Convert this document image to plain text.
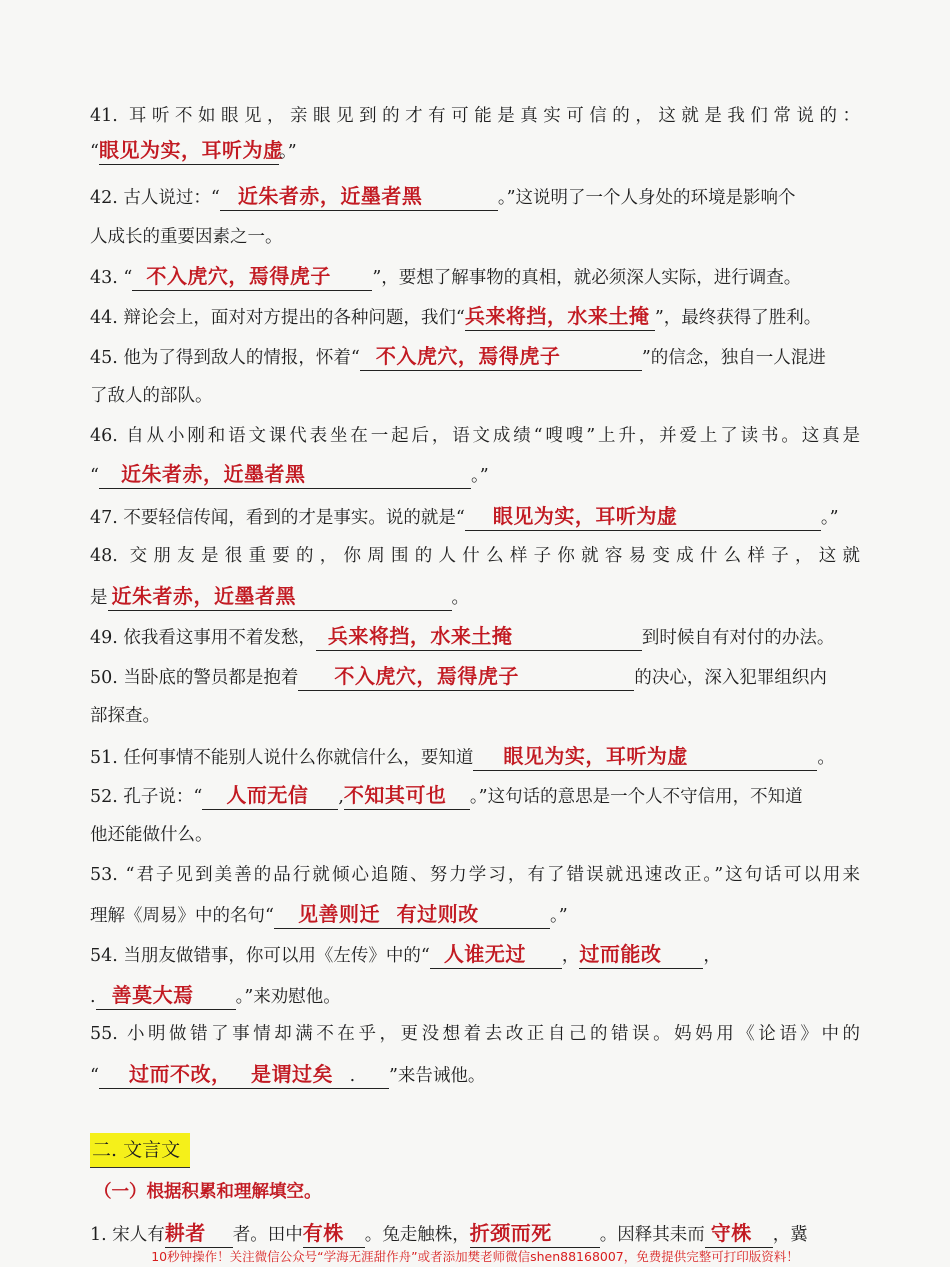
41. 耳听不如眼见，亲眼见到的才有可能是真实可信的，这就是我们常说的：
“眼见为实，耳听为虚。”
42. 古人说过：“ 近朱者赤，近墨者黑	。”这说明了一个人身处的环境是影响个
人成长的重要因素之一。
43. “ 不入虎穴，焉得虎子 ”，要想了解事物的真相，就必须深人实际，进行调查。
44. 辩论会上，面对对方提出的各种问题，我们“兵来将挡，水来土掩 ”，最终获得了胜利。
45. 他为了得到敌人的情报，怀着“ 不入虎穴，焉得虎子	”的信念，独自一人混进
了敌人的部队。
46. 自从小刚和语文课代表坐在一起后，语文成绩“嗖嗖”上升，并爱上了读书。这真是
“ 近朱者赤，近墨者黑	。”
47. 不要轻信传闻，看到的才是事实。说的就是“ 眼见为实，耳听为虚	。”
48. 交朋友是很重要的，你周围的人什么样子你就容易变成什么样子，这就
是 近朱者赤，近墨者黑	。
49. 依我看这事用不着发愁， 兵来将挡，水来土掩	到时候自有对付的办法。
50. 当卧底的警员都是抱着 不入虎穴，焉得虎子	的决心，深入犯罪组织内
部探查。
51. 任何事情不能别人说什么你就信什么，要知道 眼见为实，耳听为虚	。
52. 孔子说：“ 人而无信 ,不知其可也 。”这句话的意思是一个人不守信用，不知道
他还能做什么。
53. “君子见到美善的品行就倾心追随、努力学习，有了错误就迅速改正。”这句话可以用来
理解《周易》中的名句“ 见善则迁 有过则改	。”
54. 当朋友做错事，你可以用《左传》中的“ 人谁无过 ，过而能改 ，
. 善莫大焉 。”来劝慰他。
55. 小明做错了事情却满不在乎，更没想着去改正自己的错误。妈妈用《论语》中的
“ 过而不改， 是谓过矣 . ”来告诫他。
二. 文言文
（一）根据积累和理解填空。
1. 宋人有耕者 者。田中有株 。兔走触株，折颈而死	。因释其耒而 守株 ，冀
10秒钟操作！关注微信公众号“学海无涯甜作舟”或者添加樊老师微信shen88168007，免费提供完整可打印版资料！
